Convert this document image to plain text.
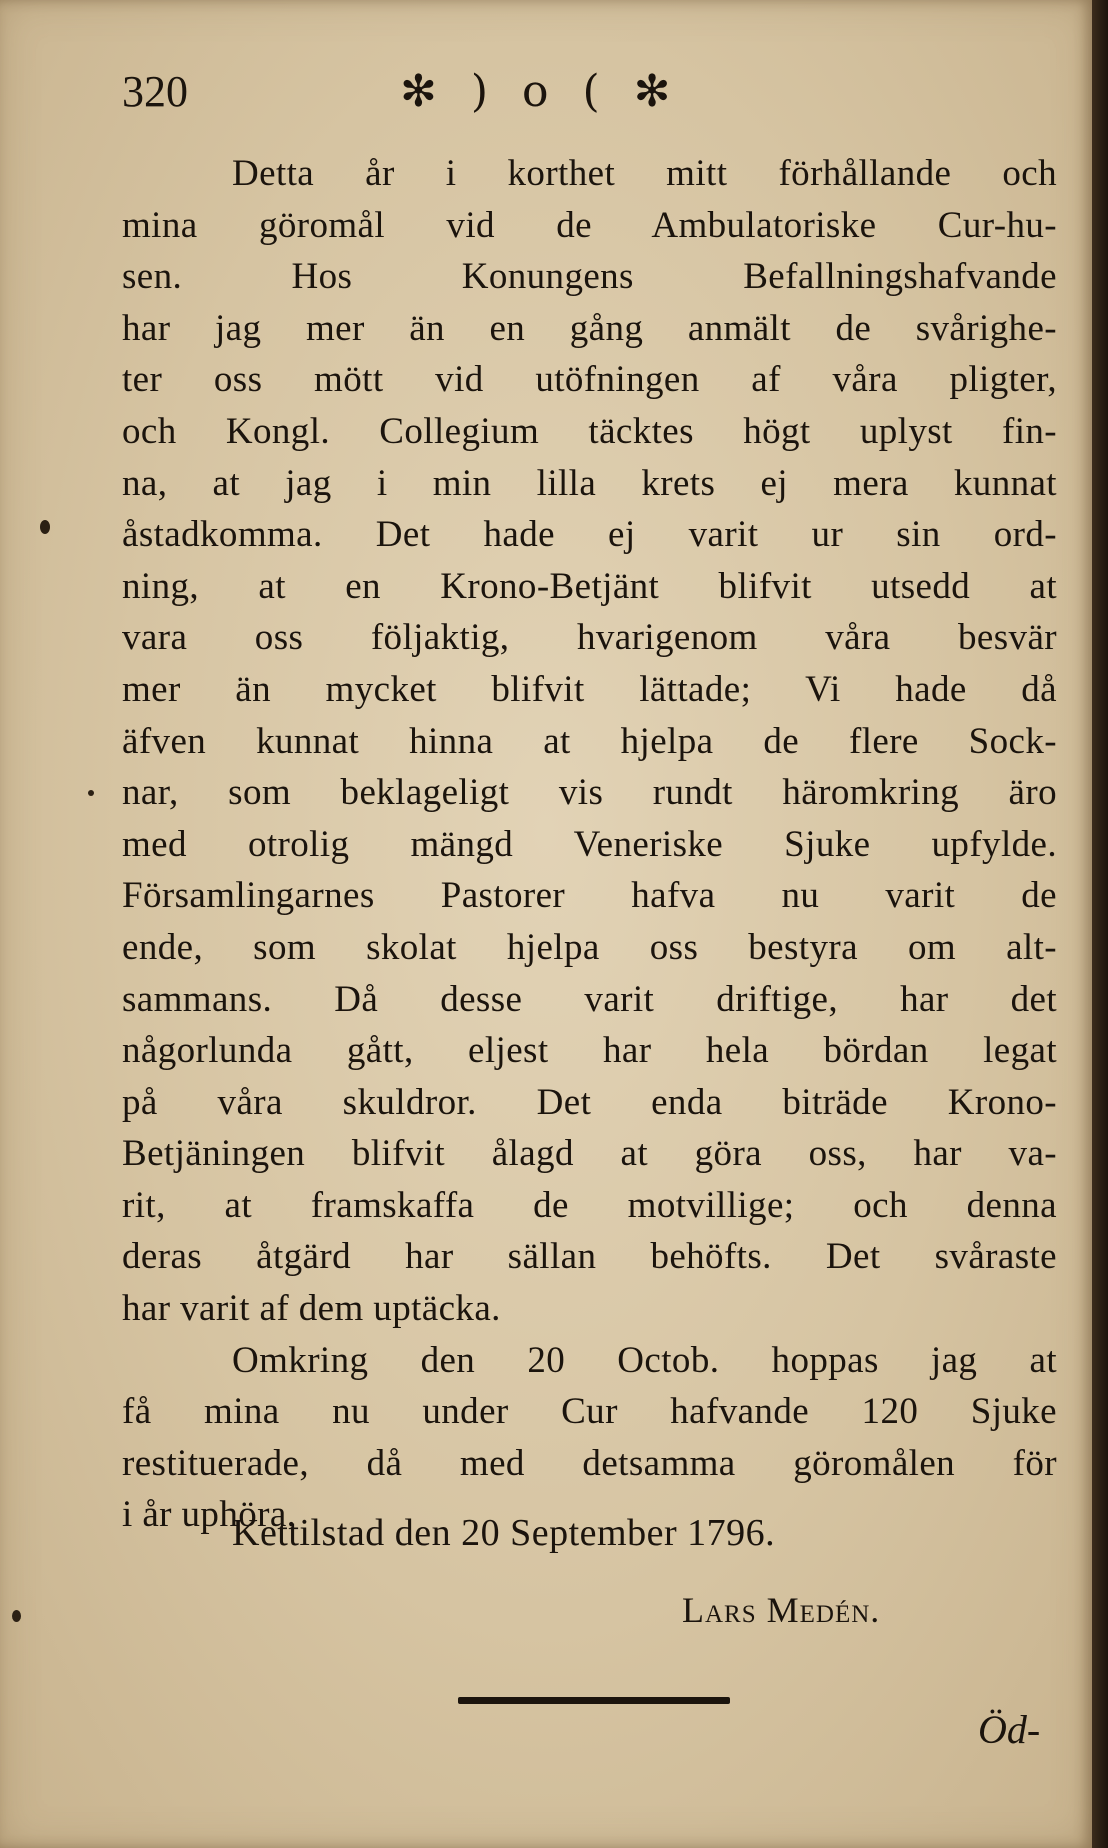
320	✻ ) o ( ✻
Detta år i korthet mitt förhållande och
mina göromål vid de Ambulatoriske Cur-hu-
sen. Hos Konungens Befallningshafvande
har jag mer än en gång anmält de svårighe-
ter oss mött vid utöfningen af våra pligter,
och Kongl. Collegium täcktes högt uplyst fin-
na, at jag i min lilla krets ej mera kunnat
åstadkomma. Det hade ej varit ur sin ord-
ning, at en Krono-Betjänt blifvit utsedd at
vara oss följaktig, hvarigenom våra besvär
mer än mycket blifvit lättade; Vi hade då
äfven kunnat hinna at hjelpa de flere Sock-
nar, som beklageligt vis rundt häromkring äro
med otrolig mängd Veneriske Sjuke upfylde.
Församlingarnes Pastorer hafva nu varit de
ende, som skolat hjelpa oss bestyra om alt-
sammans. Då desse varit driftige, har det
någorlunda gått, eljest har hela bördan legat
på våra skuldror. Det enda biträde Krono-
Betjäningen blifvit ålagd at göra oss, har va-
rit, at framskaffa de motvillige; och denna
deras åtgärd har sällan behöfts. Det svåraste
har varit af dem uptäcka.
Omkring den 20 Octob. hoppas jag at
få mina nu under Cur hafvande 120 Sjuke
restituerade, då med detsamma göromålen för
i år uphöra.
Kettilstad den 20 September 1796.
Lars Medén.
Öd-
